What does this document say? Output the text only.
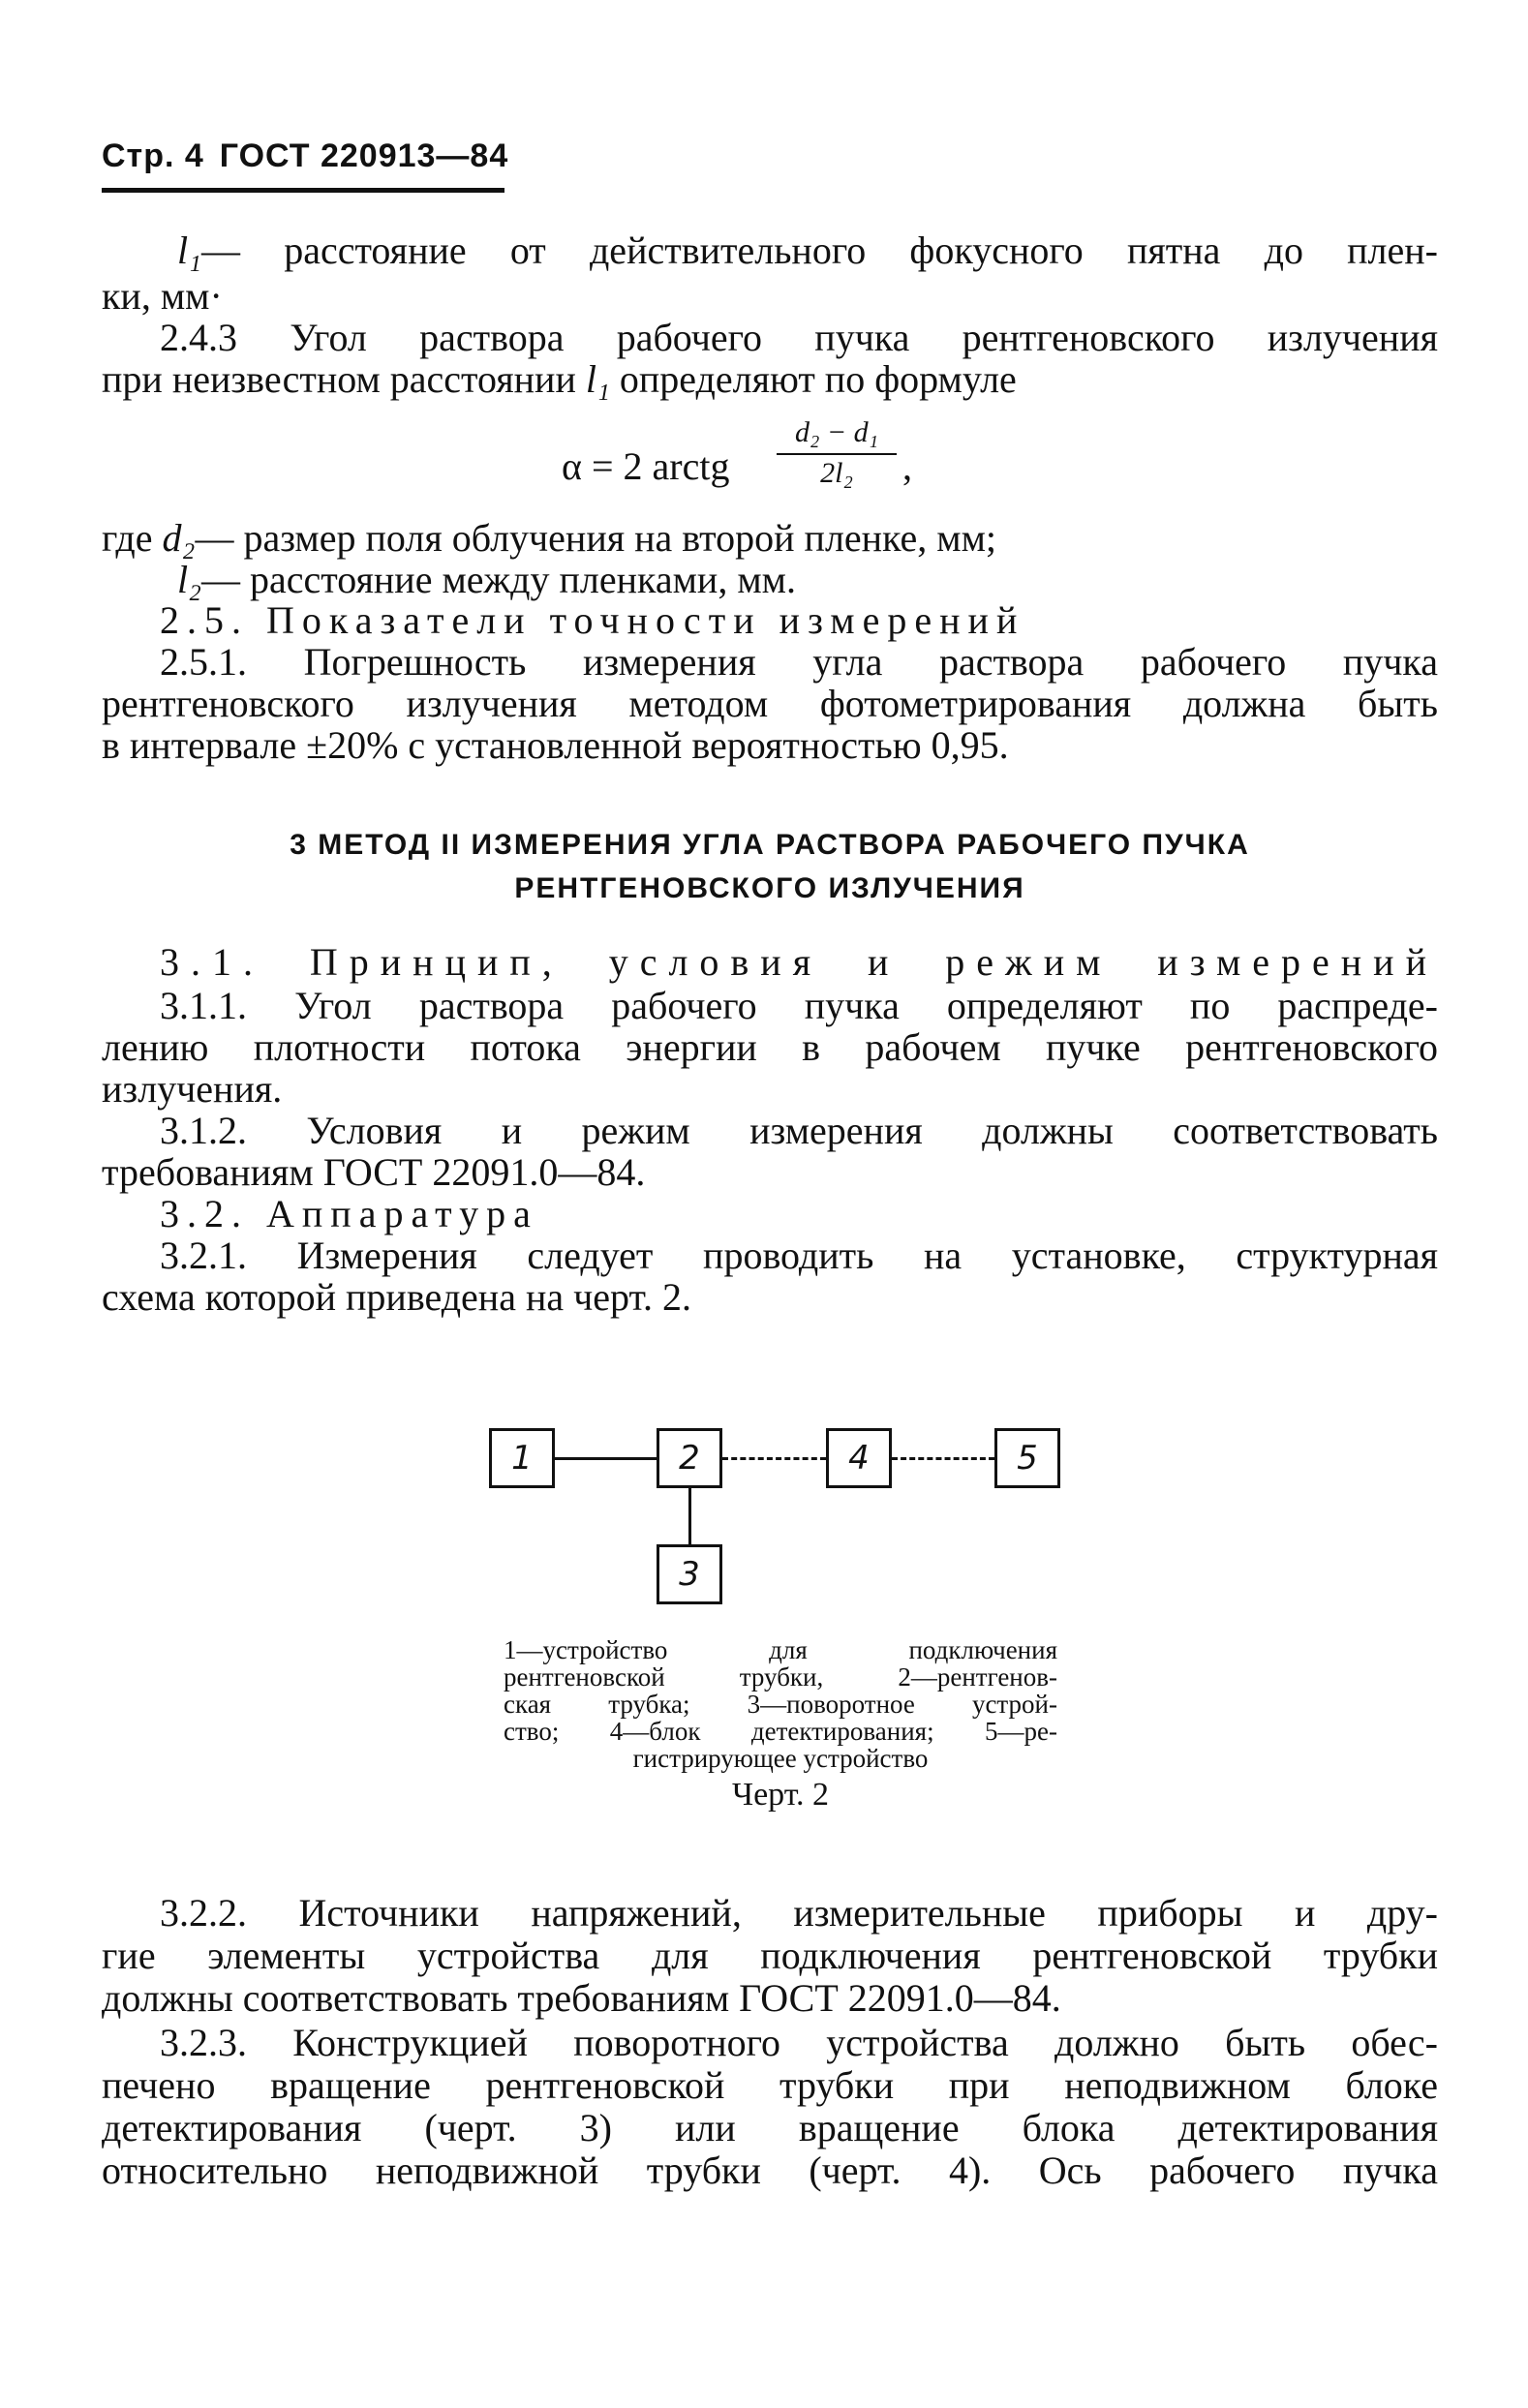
Стр. 4 ГОСТ 220913—84
l₁— расстояние от действительного фокусного пятна до плен-
ки, мм·
2.4.3 Угол раствора рабочего пучка рентгеновского излучения
при неизвестном расстоянии l₁ определяют по формуле
α = 2 arctg
d₂ − d₁
2l₂	,
где d₂— размер поля облучения на второй пленке, мм;
l₂— расстояние между пленками, мм.
2.5. Показатели точности измерений
2.5.1. Погрешность измерения угла раствора рабочего пучка
рентгеновского излучения методом фотометрирования должна быть
в интервале ±20% с установленной вероятностью 0,95.
3 МЕТОД II ИЗМЕРЕНИЯ УГЛА РАСТВОРА РАБОЧЕГО ПУЧКА
РЕНТГЕНОВСКОГО ИЗЛУЧЕНИЯ
3.1. Принцип, условия и режим измерений
3.1.1. Угол раствора рабочего пучка определяют по распреде-
лению плотности потока энергии в рабочем пучке рентгеновского
излучения.
3.1.2. Условия и режим измерения должны соответствовать
требованиям ГОСТ 22091.0—84.
3.2. Аппаратура
3.2.1. Измерения следует проводить на установке, структурная
схема которой приведена на черт. 2.
1	2	4	5
3
1—устройство для подключения
рентгеновской трубки, 2—рентгенов-
ская трубка; 3—поворотное устрой-
ство; 4—блок детектирования; 5—ре-
гистрирующее устройство
Черт. 2
3.2.2. Источники напряжений, измерительные приборы и дру-
гие элементы устройства для подключения рентгеновской трубки
должны соответствовать требованиям ГОСТ 22091.0—84.
3.2.3. Конструкцией поворотного устройства должно быть обес-
печено вращение рентгеновской трубки при неподвижном блоке
детектирования (черт. 3) или вращение блока детектирования
относительно неподвижной трубки (черт. 4). Ось рабочего пучка
